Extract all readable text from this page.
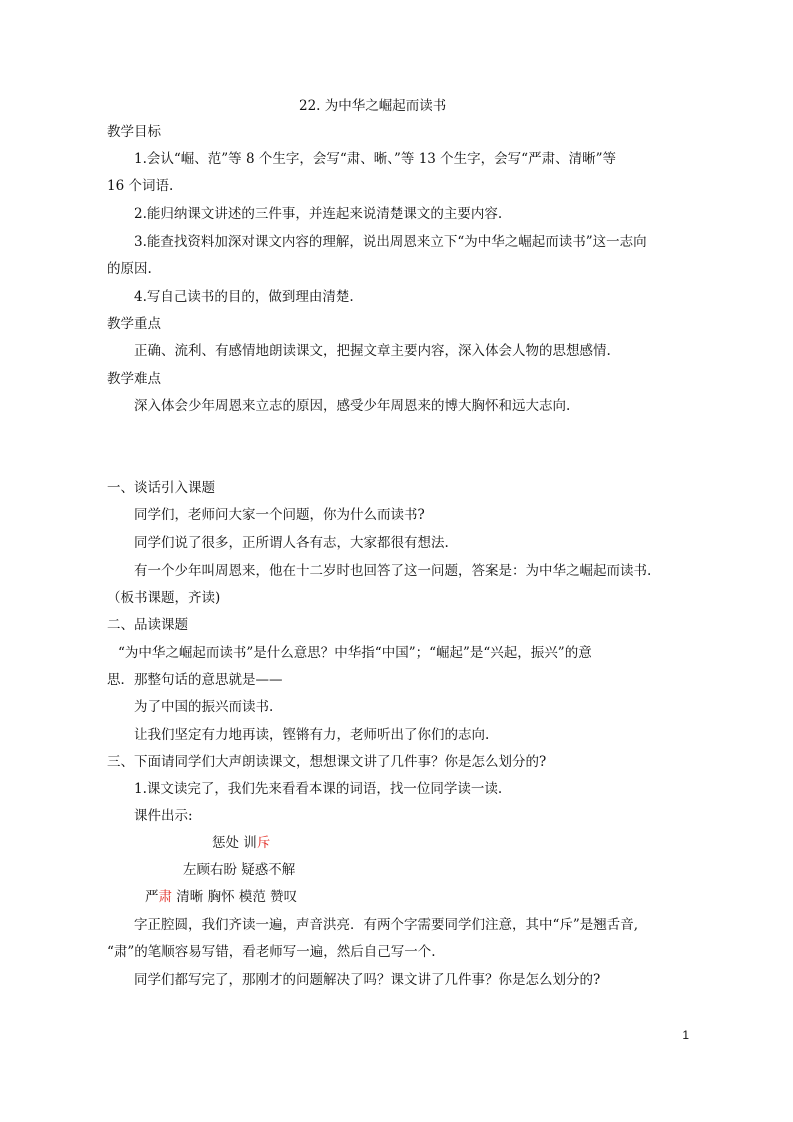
22. 为中华之崛起而读书
教学目标
1.会认“崛、范”等 8 个生字，会写“肃、晰、”等 13 个生字，会写“严肃、清晰”等
16 个词语.
2.能归纳课文讲述的三件事，并连起来说清楚课文的主要内容.
3.能查找资料加深对课文内容的理解，说出周恩来立下“为中华之崛起而读书”这一志向
的原因.
4.写自己读书的目的，做到理由清楚.
教学重点
正确、流利、有感情地朗读课文，把握文章主要内容，深入体会人物的思想感情.
教学难点
深入体会少年周恩来立志的原因，感受少年周恩来的博大胸怀和远大志向.
一、谈话引入课题
同学们，老师问大家一个问题，你为什么而读书?
同学们说了很多，正所谓人各有志，大家都很有想法.
有一个少年叫周恩来，他在十二岁时也回答了这一问题，答案是：为中华之崛起而读书.
（板书课题，齐读)
二、品读课题
“为中华之崛起而读书”是什么意思？中华指“中国”；“崛起”是“兴起，振兴”的意
思．那整句话的意思就是——
为了中国的振兴而读书.
让我们坚定有力地再读，铿锵有力，老师听出了你们的志向.
三、下面请同学们大声朗读课文，想想课文讲了几件事？你是怎么划分的?
1.课文读完了，我们先来看看本课的词语，找一位同学读一读.
课件出示:
惩处 训斥
左顾右盼 疑惑不解
严肃 清晰 胸怀 模范 赞叹
字正腔圆，我们齐读一遍，声音洪亮．有两个字需要同学们注意，其中“斥”是翘舌音,
“肃”的笔顺容易写错，看老师写一遍，然后自己写一个.
同学们都写完了，那刚才的问题解决了吗？课文讲了几件事？你是怎么划分的?
1
